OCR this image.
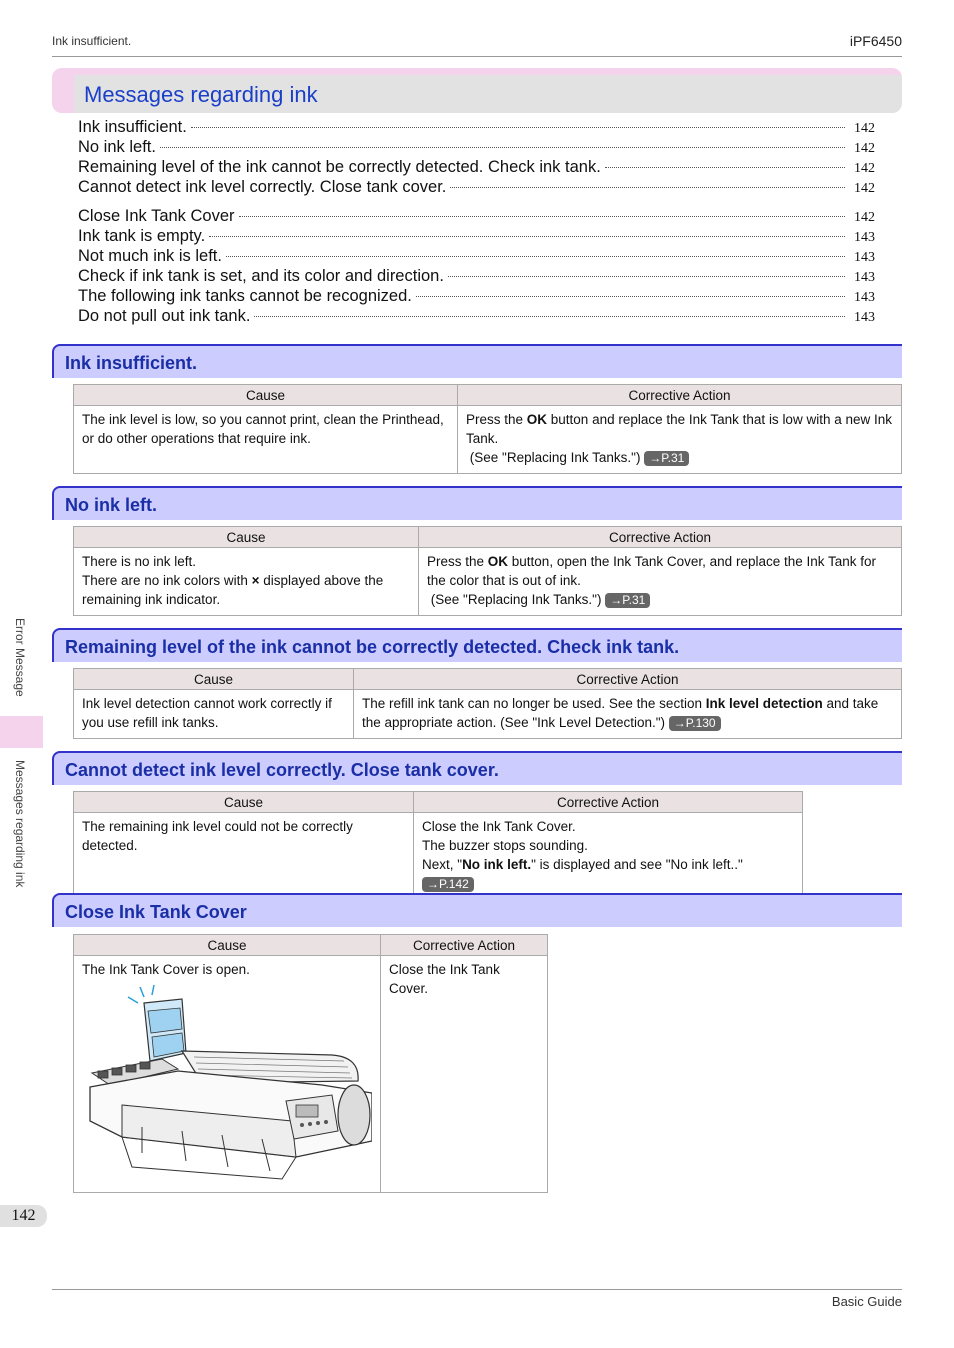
Ink insufficient.	iPF6450
Messages regarding ink
Ink insufficient.	142
No ink left.	142
Remaining level of the ink cannot be correctly detected. Check ink tank.	142
Cannot detect ink level correctly. Close tank cover.	142
Close Ink Tank Cover	142
Ink tank is empty.	143
Not much ink is left.	143
Check if ink tank is set, and its color and direction.	143
The following ink tanks cannot be recognized.	143
Do not pull out ink tank.	143
Ink insufficient.
Cause	Corrective Action
The ink level is low, so you cannot print, clean the Printhead, or do other operations that require ink.	Press the OK button and replace the Ink Tank that is low with a new Ink Tank.
(See "Replacing Ink Tanks.") →P.31
No ink left.
Cause	Corrective Action
There is no ink left.
There are no ink colors with × displayed above the remaining ink indicator.	Press the OK button, open the Ink Tank Cover, and replace the Ink Tank for the color that is out of ink.
(See "Replacing Ink Tanks.") →P.31
Remaining level of the ink cannot be correctly detected. Check ink tank.
Cause	Corrective Action
Ink level detection cannot work correctly if you use refill ink tanks.	The refill ink tank can no longer be used. See the section Ink level detection and take the appropriate action. (See "Ink Level Detection.") →P.130
Cannot detect ink level correctly. Close tank cover.
Cause	Corrective Action
The remaining ink level could not be correctly detected.	Close the Ink Tank Cover.
The buzzer stops sounding.
Next, "No ink left." is displayed and see "No ink left.." →P.142
Close Ink Tank Cover
Cause	Corrective Action
The Ink Tank Cover is open.	Close the Ink Tank Cover.
Error Message
Messages regarding ink
142
Basic Guide
